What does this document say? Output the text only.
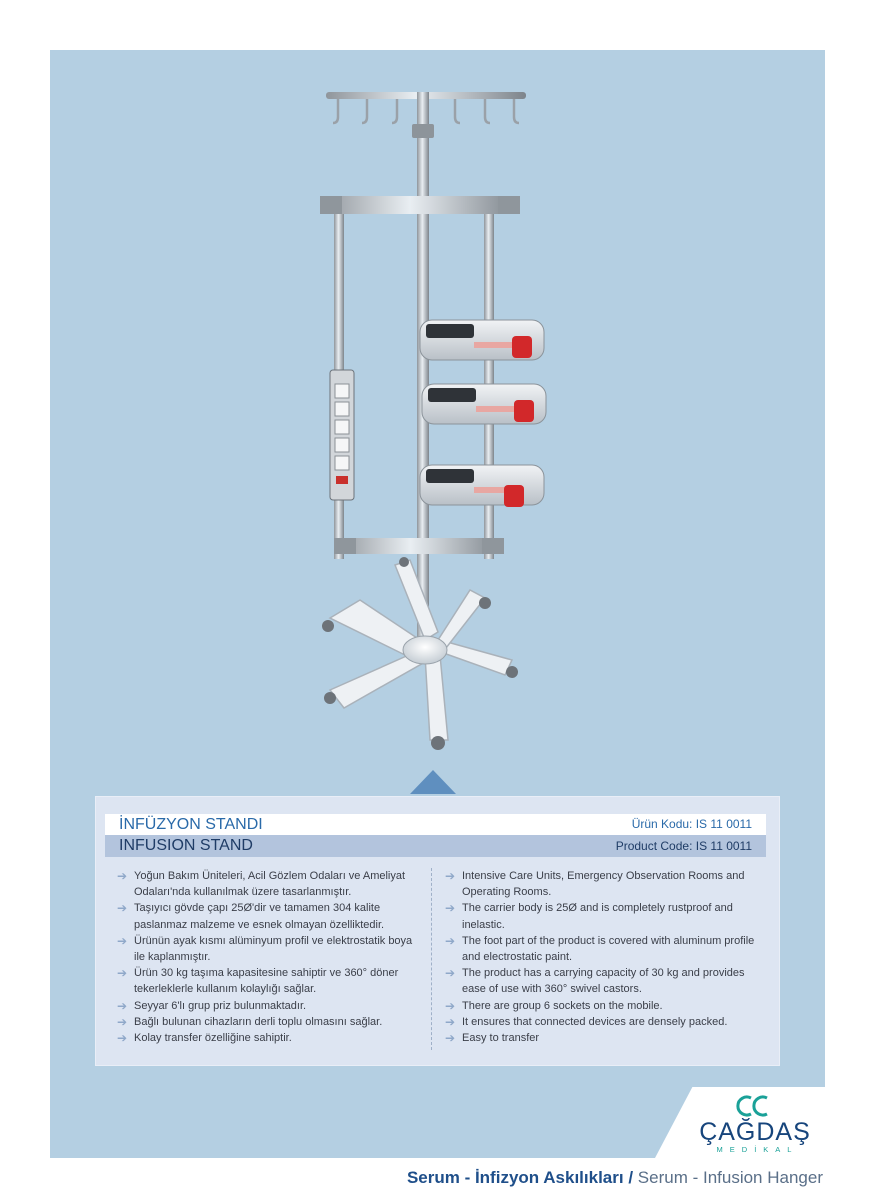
İNFÜZYON STANDI	Ürün Kodu: IS 11 0011
INFUSION STAND	Product Code: IS 11 0011
➔ Yoğun Bakım Üniteleri, Acil Gözlem Odaları ve Ameliyat Odaları'nda kullanılmak üzere tasarlanmıştır.
➔ Taşıyıcı gövde çapı 25Ø'dir ve tamamen 304 kalite paslanmaz malzeme ve esnek olmayan özelliktedir.
➔ Ürünün ayak kısmı alüminyum profil ve elektrostatik boya ile kaplanmıştır.
➔ Ürün 30 kg taşıma kapasitesine sahiptir ve 360° döner tekerleklerle kullanım kolaylığı sağlar.
➔ Seyyar 6'lı grup priz bulunmaktadır.
➔ Bağlı bulunan cihazların derli toplu olmasını sağlar.
➔ Kolay transfer özelliğine sahiptir.
➔ Intensive Care Units, Emergency Observation Rooms and Operating Rooms.
➔ The carrier body is 25Ø and is completely rustproof and inelastic.
➔ The foot part of the product is covered with aluminum profile and electrostatic paint.
➔ The product has a carrying capacity of 30 kg and provides ease of use with 360° swivel castors.
➔ There are group 6 sockets on the mobile.
➔ It ensures that connected devices are densely packed.
➔ Easy to transfer
ÇAĞDAŞ
MEDİKAL
Serum - İnfizyon Askılıkları / Serum - Infusion Hanger
